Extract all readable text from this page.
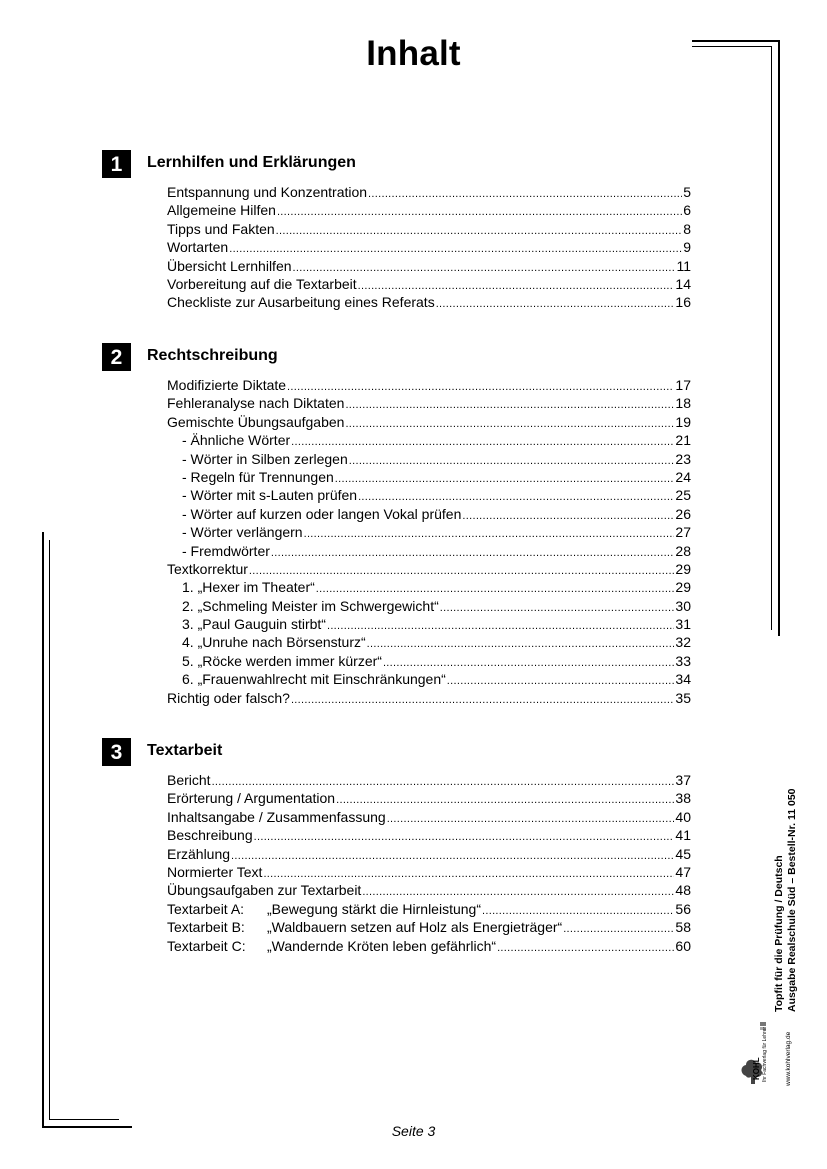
Inhalt
1	Lernhilfen und Erklärungen
Entspannung und Konzentration .....	5
Allgemeine Hilfen .....	6
Tipps und Fakten .....	8
Wortarten .....	9
Übersicht Lernhilfen .....	11
Vorbereitung auf die Textarbeit .....	14
Checkliste zur Ausarbeitung eines Referats .....	16
2	Rechtschreibung
Modifizierte Diktate .....	17
Fehleranalyse nach Diktaten .....	18
Gemischte Übungsaufgaben .....	19
- Ähnliche Wörter .....	21
- Wörter in Silben zerlegen .....	23
- Regeln für Trennungen .....	24
- Wörter mit s-Lauten prüfen .....	25
- Wörter auf kurzen oder langen Vokal prüfen .....	26
- Wörter verlängern .....	27
- Fremdwörter .....	28
Textkorrektur .....	29
1. „Hexer im Theater“ .....	29
2. „Schmeling Meister im Schwergewicht“ .....	30
3. „Paul Gauguin stirbt“ .....	31
4. „Unruhe nach Börsensturz“ .....	32
5. „Röcke werden immer kürzer“ .....	33
6. „Frauenwahlrecht mit Einschränkungen“ .....	34
Richtig oder falsch? .....	35
3	Textarbeit
Bericht .....	37
Erörterung / Argumentation .....	38
Inhaltsangabe / Zusammenfassung .....	40
Beschreibung .....	41
Erzählung .....	45
Normierter Text .....	47
Übungsaufgaben zur Textarbeit .....	48
Textarbeit A: „Bewegung stärkt die Hirnleistung“ .....	56
Textarbeit B: „Waldbauern setzen auf Holz als Energieträger“ .....	58
Textarbeit C: „Wandernde Kröten leben gefährlich“ .....	60
KOHL Ihr Fachverlag für Lehrer	www.kohlverlag.de
Topfit für die Prüfung / Deutsch Ausgabe Realschule Süd – Bestell-Nr. 11 050
Seite 3
